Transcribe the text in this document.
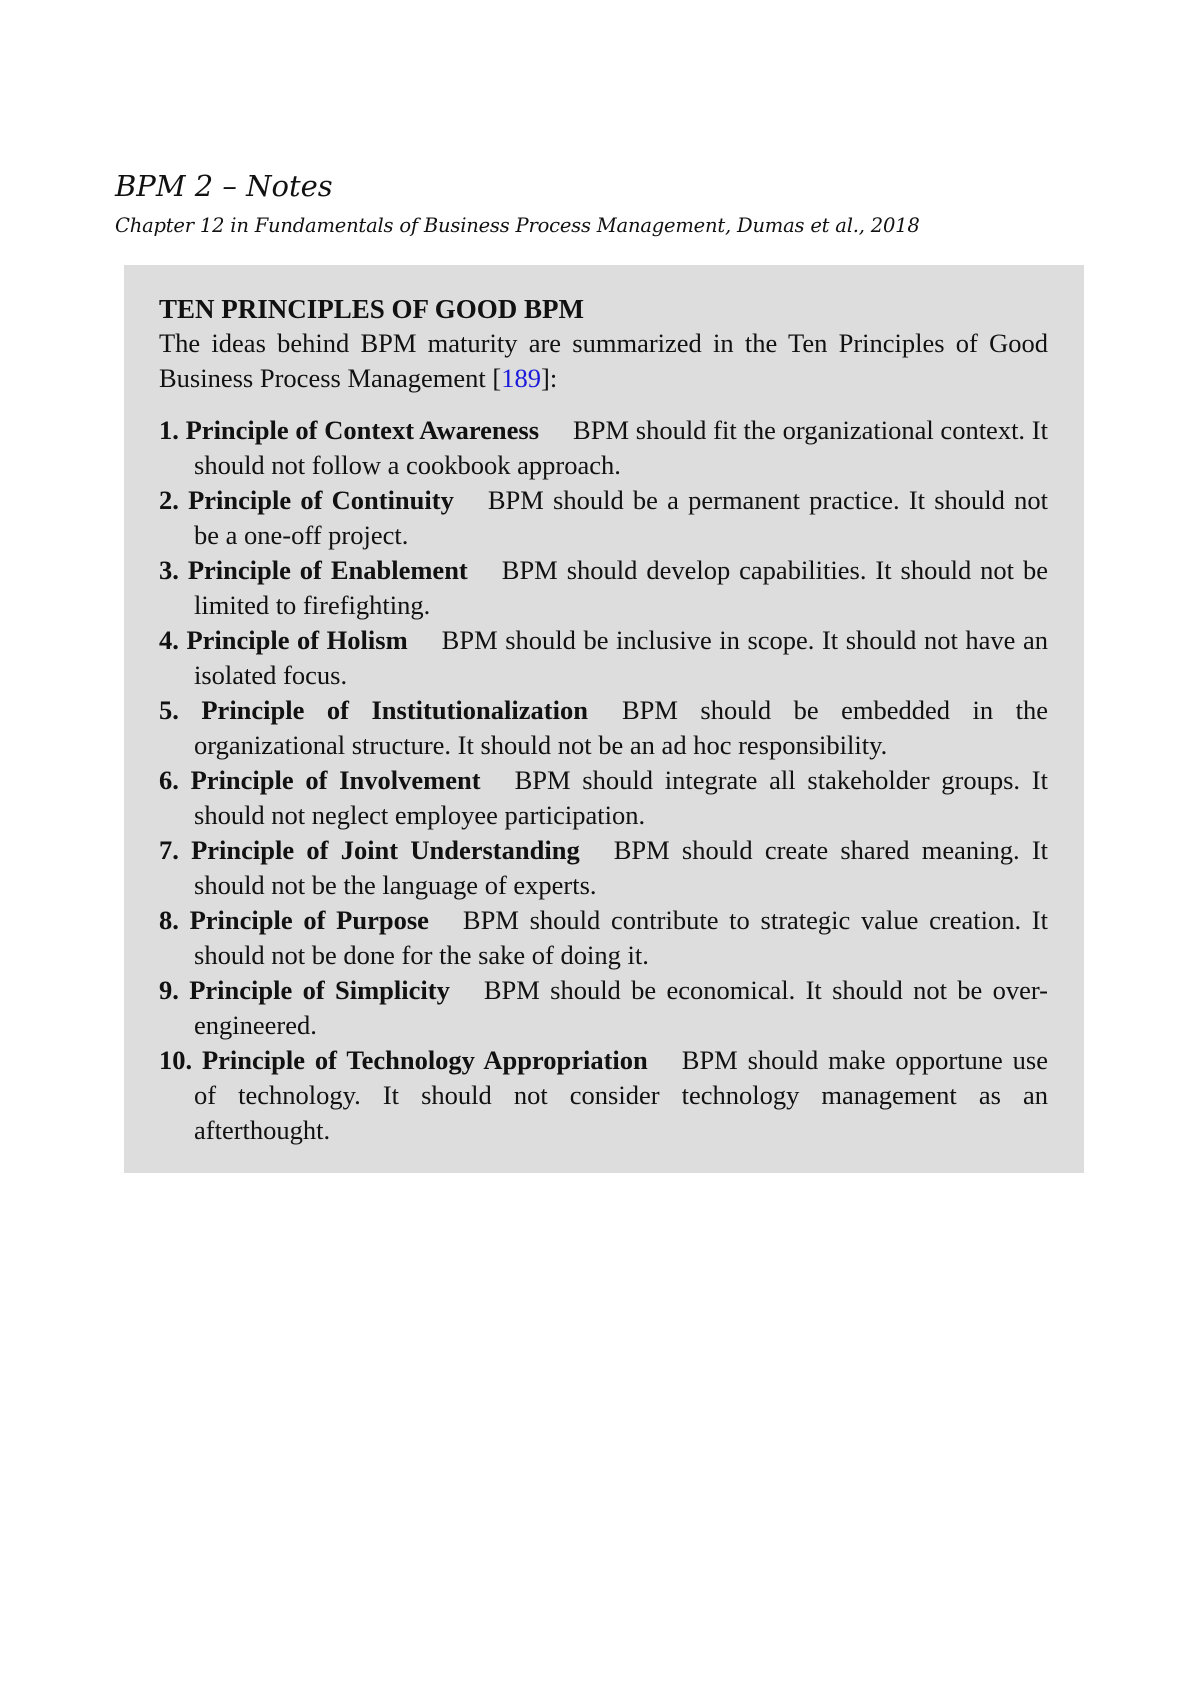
BPM 2 – Notes
Chapter 12 in Fundamentals of Business Process Management, Dumas et al., 2018
TEN PRINCIPLES OF GOOD BPM

The ideas behind BPM maturity are summarized in the Ten Principles of Good Business Process Management [189]:

1. Principle of Context Awareness BPM should fit the organizational context. It should not follow a cookbook approach.
2. Principle of Continuity BPM should be a permanent practice. It should not be a one-off project.
3. Principle of Enablement BPM should develop capabilities. It should not be limited to firefighting.
4. Principle of Holism BPM should be inclusive in scope. It should not have an isolated focus.
5. Principle of Institutionalization BPM should be embedded in the organizational structure. It should not be an ad hoc responsibility.
6. Principle of Involvement BPM should integrate all stakeholder groups. It should not neglect employee participation.
7. Principle of Joint Understanding BPM should create shared meaning. It should not be the language of experts.
8. Principle of Purpose BPM should contribute to strategic value creation. It should not be done for the sake of doing it.
9. Principle of Simplicity BPM should be economical. It should not be over-engineered.
10. Principle of Technology Appropriation BPM should make opportune use of technology. It should not consider technology management as an afterthought.
